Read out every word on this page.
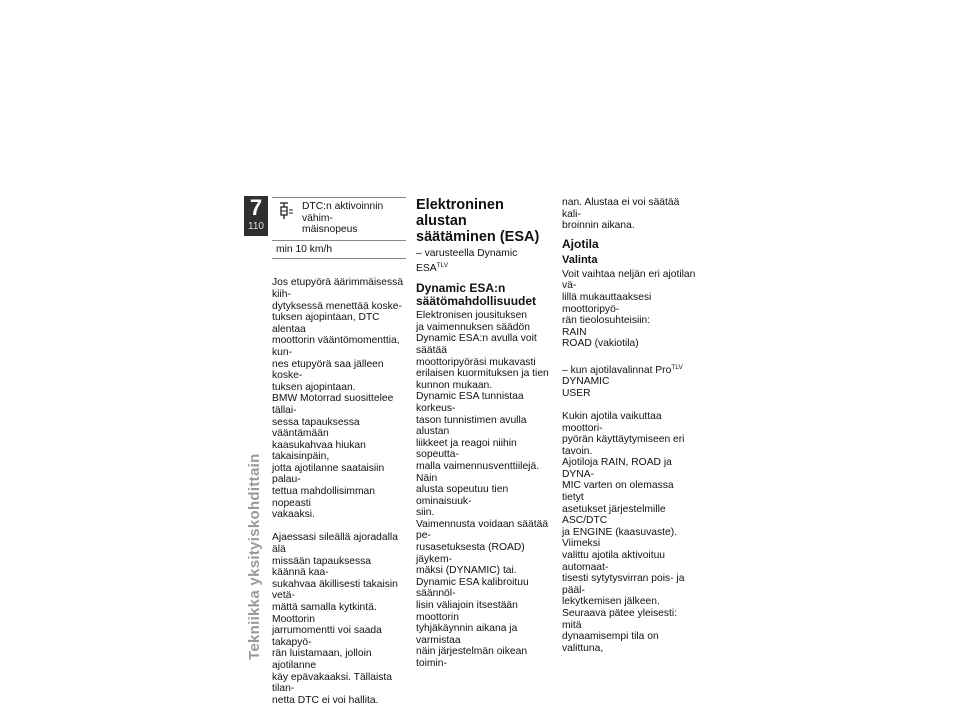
7
110
Tekniikka yksityiskohdittain
DTC:n aktivoinnin vähim-
mäisnopeus
min 10 km/h

Jos etupyörä äärimmäisessä kiih-
dytyksessä menettää koske-
tuksen ajopintaan, DTC alentaa
moottorin vääntömomenttia, kun-
nes etupyörä saa jälleen koske-
tuksen ajopintaan.
BMW Motorrad suosittelee tällai-
sessa tapauksessa vääntämään
kaasukahvaa hiukan takaisinpäin,
jotta ajotilanne saataisiin palau-
tettua mahdollisimman nopeasti
vakaaksi.

Ajaessasi sileällä ajoradalla älä
missään tapauksessa käännä kaa-
sukahvaa äkillisesti takaisin vetä-
mättä samalla kytkintä. Moottorin
jarrumomentti voi saada takapyö-
rän luistamaan, jolloin ajotilanne
käy epävakaaksi. Tällaista tilan-
netta DTC ei voi hallita.

Elektroninen alustan
säätäminen (ESA)
– varusteella Dynamic $ESA^{TLV}$
Dynamic ESA:n
säätömahdollisuudet

Elektronisen jousituksen
ja vaimennuksen säädön
Dynamic ESA:n avulla voit säätää
moottoripyöräsi mukavasti
erilaisen kuormituksen ja tien
kunnon mukaan.
Dynamic ESA tunnistaa korkeus-
tason tunnistimen avulla alustan
liikkeet ja reagoi niihin sopeutta-
malla vaimennusventtiilejä. Näin
alusta sopeutuu tien ominaisuuk-
siin.
Vaimennusta voidaan säätää pe-
rusasetuksesta (ROAD) jäykem-
mäksi (DYNAMIC) tai.
Dynamic ESA kalibroituu säännöl-
lisin väliajoin itsestään moottorin
tyhjäkäynnin aikana ja varmistaa
näin järjestelmän oikean toimin-

nan. Alustaa ei voi säätää kali-
broinnin aikana.

Ajotila
Valinta

Voit vaihtaa neljän eri ajotilan vä-
lillä mukauttaaksesi moottoripyö-
rän tieolosuhteisiin:
RAIN
ROAD (vakiotila)

– kun ajotilavalinnat Pro$^{TLV}$

DYNAMIC
USER

Kukin ajotila vaikuttaa moottori-
pyörän käyttäytymiseen eri tavoin.
Ajotiloja RAIN, ROAD ja DYNA-
MIC varten on olemassa tietyt
asetukset järjestelmille ASC/DTC
ja ENGINE (kaasuvaste). Viimeksi
valittu ajotila aktivoituu automaat-
tisesti sytytysvirran pois- ja pääl-
lekytkemisen jälkeen.
Seuraava pätee yleisesti: mitä
dynaamisempi tila on valittuna,
